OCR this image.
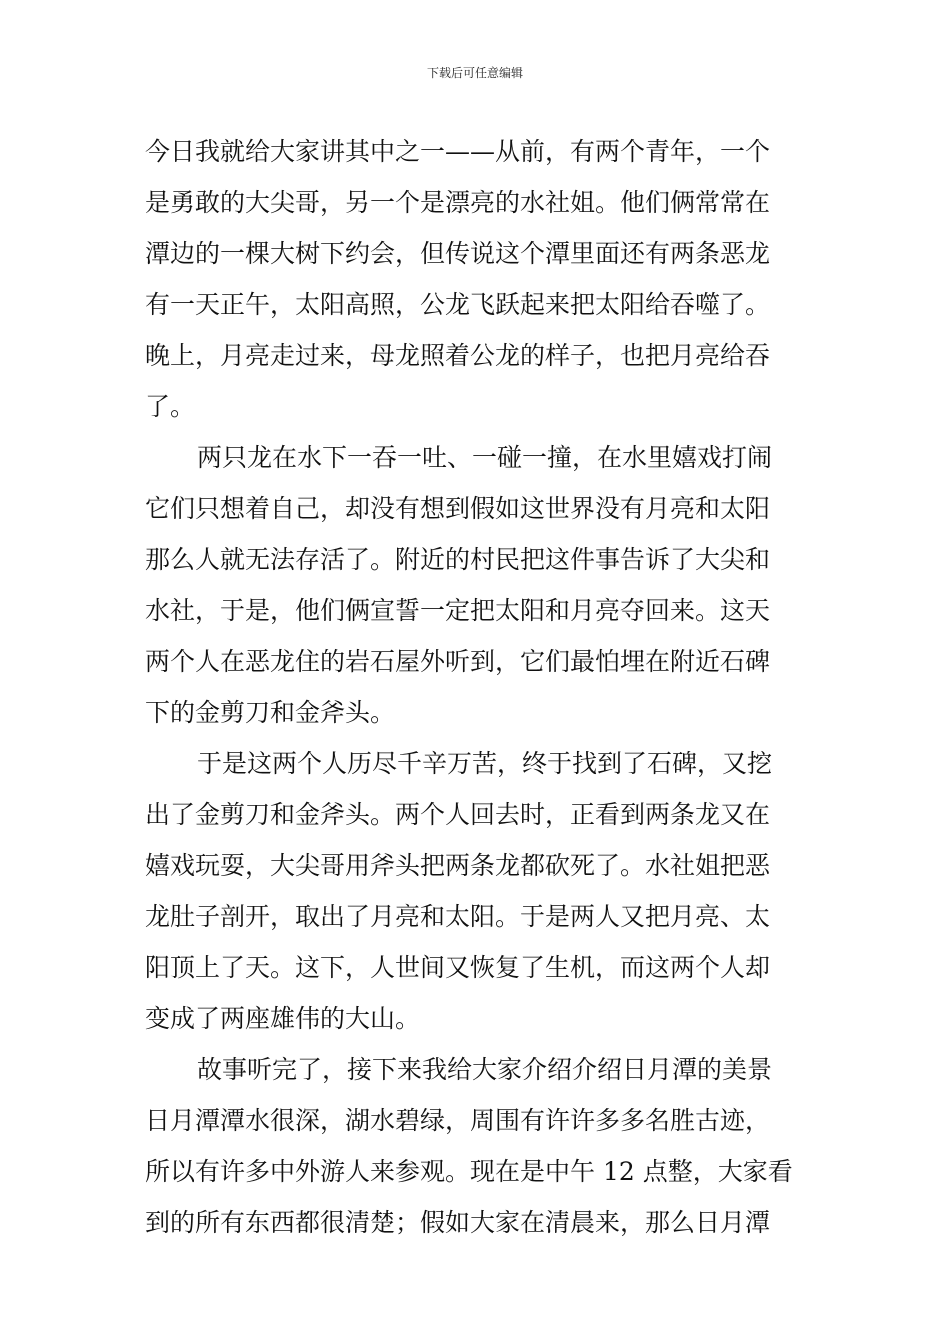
下载后可任意编辑
今日我就给大家讲其中之一——从前，有两个青年，一个
是勇敢的大尖哥，另一个是漂亮的水社姐。他们俩常常在
潭边的一棵大树下约会，但传说这个潭里面还有两条恶龙
有一天正午，太阳高照，公龙飞跃起来把太阳给吞噬了。
晚上，月亮走过来，母龙照着公龙的样子，也把月亮给吞
了。
两只龙在水下一吞一吐、一碰一撞，在水里嬉戏打闹
它们只想着自己，却没有想到假如这世界没有月亮和太阳
那么人就无法存活了。附近的村民把这件事告诉了大尖和
水社，于是，他们俩宣誓一定把太阳和月亮夺回来。这天
两个人在恶龙住的岩石屋外听到，它们最怕埋在附近石碑
下的金剪刀和金斧头。
于是这两个人历尽千辛万苦，终于找到了石碑，又挖
出了金剪刀和金斧头。两个人回去时，正看到两条龙又在
嬉戏玩耍，大尖哥用斧头把两条龙都砍死了。水社姐把恶
龙肚子剖开，取出了月亮和太阳。于是两人又把月亮、太
阳顶上了天。这下，人世间又恢复了生机，而这两个人却
变成了两座雄伟的大山。
故事听完了，接下来我给大家介绍介绍日月潭的美景
日月潭潭水很深，湖水碧绿，周围有许许多多名胜古迹，
所以有许多中外游人来参观。现在是中午 12 点整，大家看
到的所有东西都很清楚；假如大家在清晨来，那么日月潭
